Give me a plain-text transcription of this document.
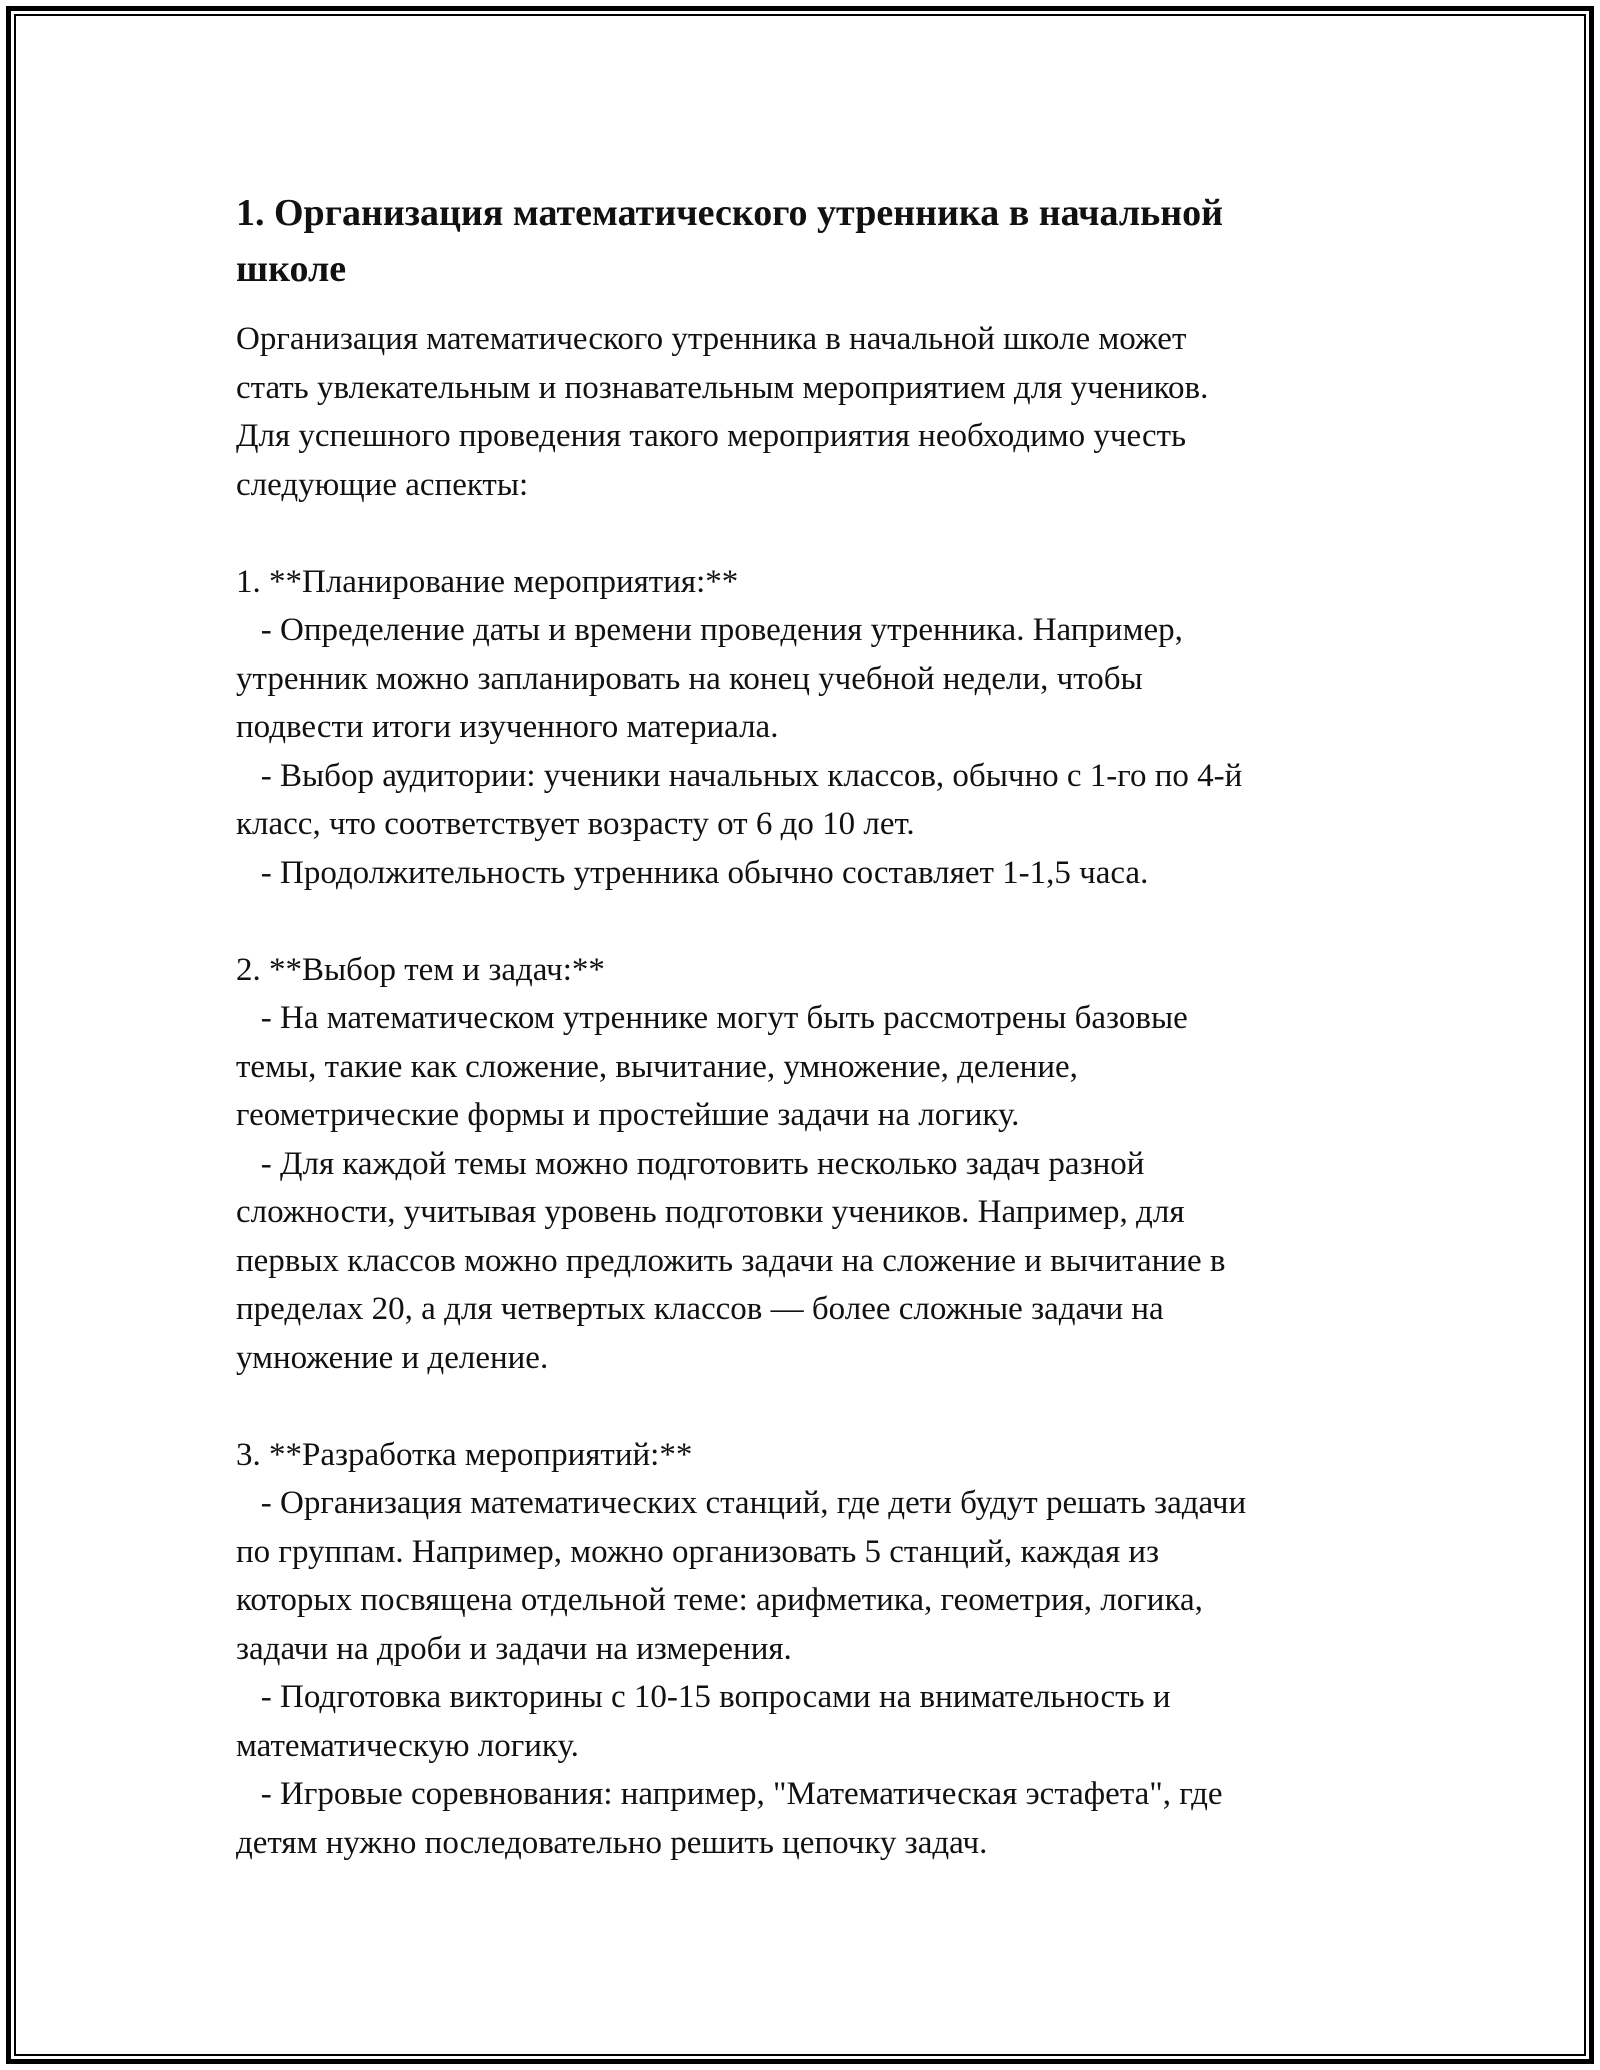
1. Организация математического утренника в начальной
школе
Организация математического утренника в начальной школе может
стать увлекательным и познавательным мероприятием для учеников.
Для успешного проведения такого мероприятия необходимо учесть
следующие аспекты:
1. **Планирование мероприятия:**
- Определение даты и времени проведения утренника. Например,
утренник можно запланировать на конец учебной недели, чтобы
подвести итоги изученного материала.
- Выбор аудитории: ученики начальных классов, обычно с 1-го по 4-й
класс, что соответствует возрасту от 6 до 10 лет.
- Продолжительность утренника обычно составляет 1-1,5 часа.
2. **Выбор тем и задач:**
- На математическом утреннике могут быть рассмотрены базовые
темы, такие как сложение, вычитание, умножение, деление,
геометрические формы и простейшие задачи на логику.
- Для каждой темы можно подготовить несколько задач разной
сложности, учитывая уровень подготовки учеников. Например, для
первых классов можно предложить задачи на сложение и вычитание в
пределах 20, а для четвертых классов — более сложные задачи на
умножение и деление.
3. **Разработка мероприятий:**
- Организация математических станций, где дети будут решать задачи
по группам. Например, можно организовать 5 станций, каждая из
которых посвящена отдельной теме: арифметика, геометрия, логика,
задачи на дроби и задачи на измерения.
- Подготовка викторины с 10-15 вопросами на внимательность и
математическую логику.
- Игровые соревнования: например, "Математическая эстафета", где
детям нужно последовательно решить цепочку задач.
